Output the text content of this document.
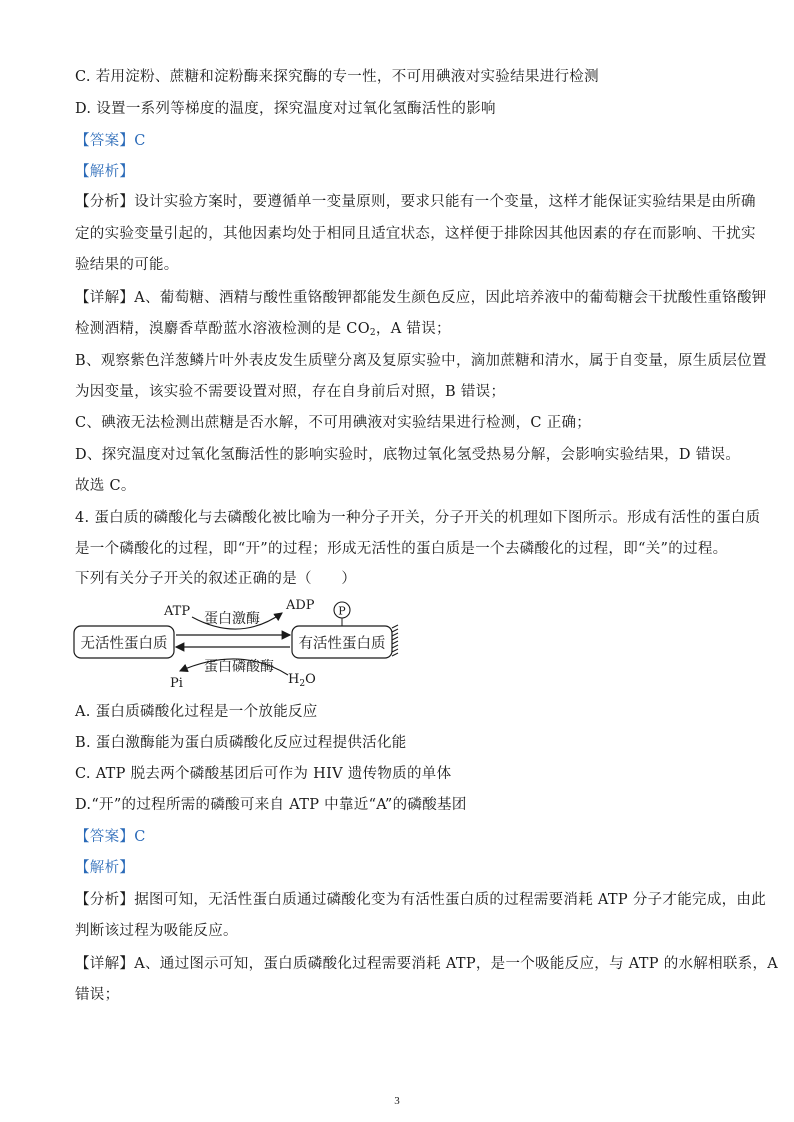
C. 若用淀粉、蔗糖和淀粉酶来探究酶的专一性，不可用碘液对实验结果进行检测
D. 设置一系列等梯度的温度，探究温度对过氧化氢酶活性的影响
【答案】C
【解析】
【分析】设计实验方案时，要遵循单一变量原则，要求只能有一个变量，这样才能保证实验结果是由所确
定的实验变量引起的，其他因素均处于相同且适宜状态，这样便于排除因其他因素的存在而影响、干扰实
验结果的可能。
【详解】A、葡萄糖、酒精与酸性重铬酸钾都能发生颜色反应，因此培养液中的葡萄糖会干扰酸性重铬酸钾
检测酒精，溴麝香草酚蓝水溶液检测的是 $CO_2$，A 错误；
B、观察紫色洋葱鳞片叶外表皮发生质壁分离及复原实验中，滴加蔗糖和清水，属于自变量，原生质层位置
为因变量，该实验不需要设置对照，存在自身前后对照，B 错误；
C、碘液无法检测出蔗糖是否水解，不可用碘液对实验结果进行检测，C 正确；
D、探究温度对过氧化氢酶活性的影响实验时，底物过氧化氢受热易分解，会影响实验结果，D 错误。
故选 C。
4. 蛋白质的磷酸化与去磷酸化被比喻为一种分子开关，分子开关的机理如下图所示。形成有活性的蛋白质
是一个磷酸化的过程，即“开”的过程；形成无活性的蛋白质是一个去磷酸化的过程，即“关”的过程。
下列有关分子开关的叙述正确的是（　　）
无活性蛋白质	有活性蛋白质
P
ATP	ADP
蛋白激酶
蛋白磷酸酶
Pi	$H_2O$
A. 蛋白质磷酸化过程是一个放能反应
B. 蛋白激酶能为蛋白质磷酸化反应过程提供活化能
C. ATP 脱去两个磷酸基团后可作为 HIV 遗传物质的单体
D.“开”的过程所需的磷酸可来自 ATP 中靠近“A”的磷酸基团
【答案】C
【解析】
【分析】据图可知，无活性蛋白质通过磷酸化变为有活性蛋白质的过程需要消耗 ATP 分子才能完成，由此
判断该过程为吸能反应。
【详解】A、通过图示可知，蛋白质磷酸化过程需要消耗 ATP，是一个吸能反应，与 ATP 的水解相联系，A
错误；
3
